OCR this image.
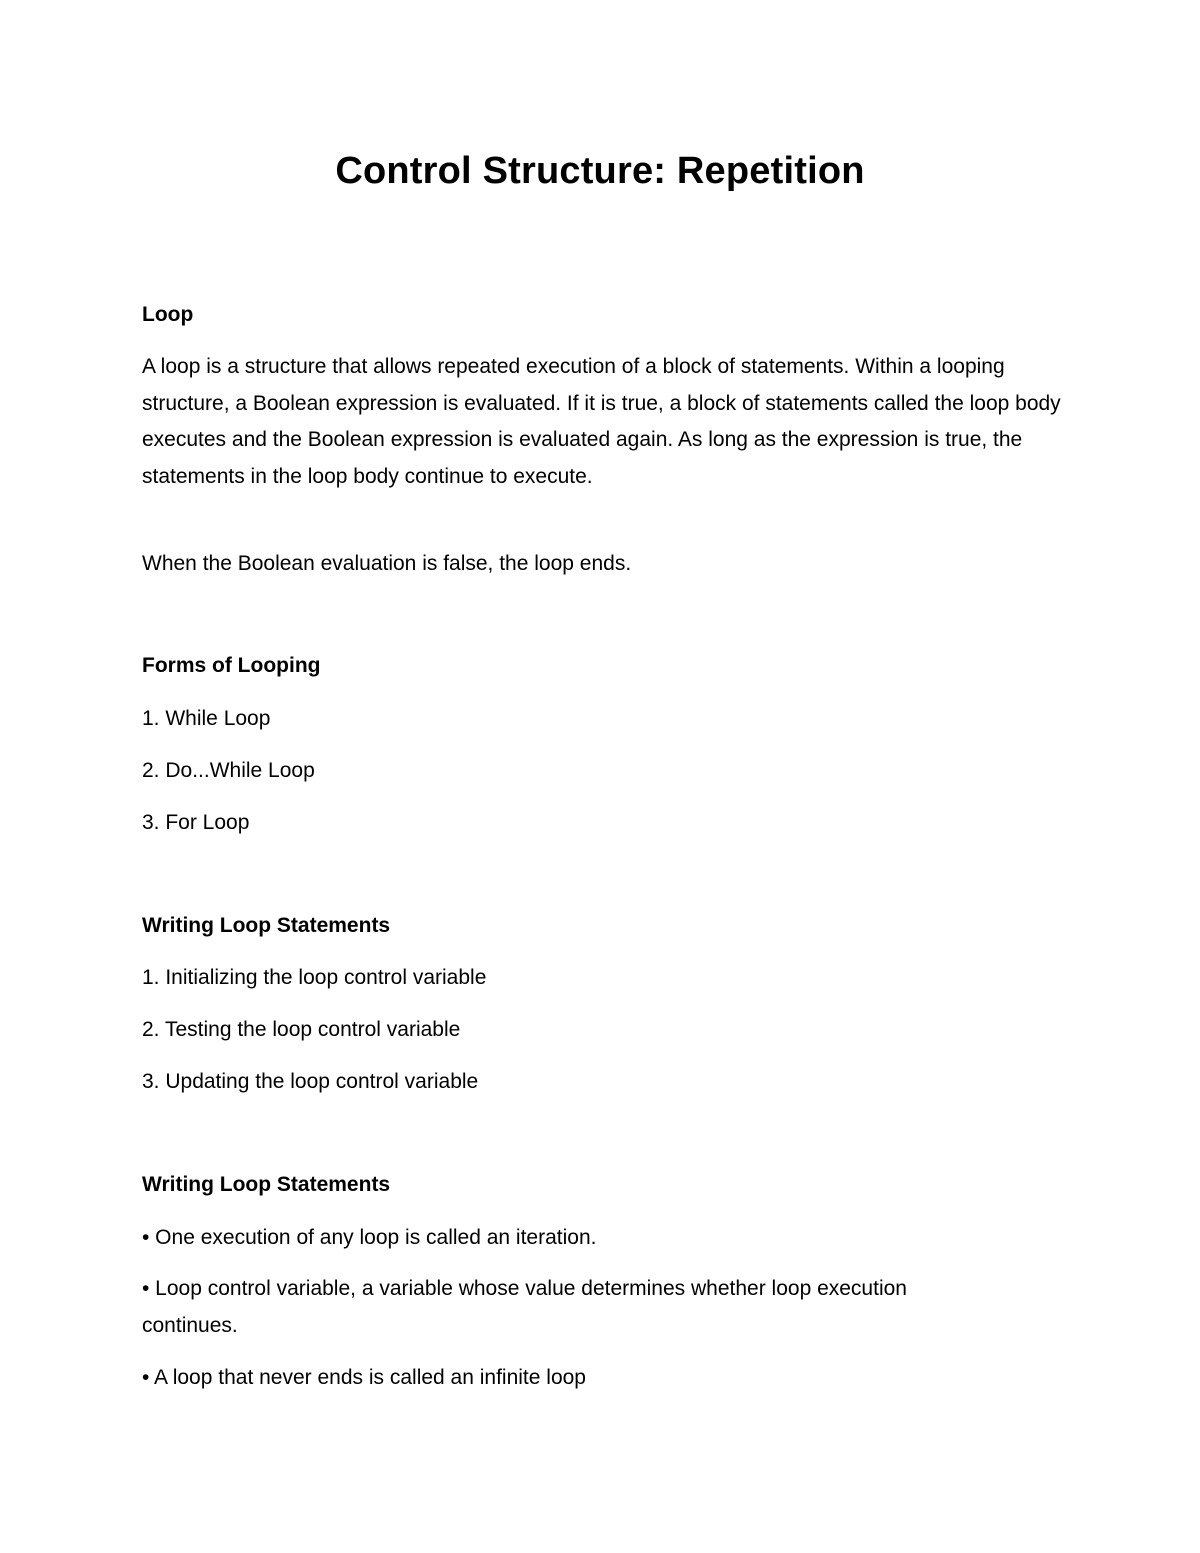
Control Structure: Repetition

Loop

A loop is a structure that allows repeated execution of a block of statements. Within a looping structure, a Boolean expression is evaluated. If it is true, a block of statements called the loop body executes and the Boolean expression is evaluated again. As long as the expression is true, the statements in the loop body continue to execute.

When the Boolean evaluation is false, the loop ends.

Forms of Looping

1. While Loop

2. Do...While Loop

3. For Loop

Writing Loop Statements

1. Initializing the loop control variable

2. Testing the loop control variable

3. Updating the loop control variable

Writing Loop Statements

• One execution of any loop is called an iteration.

• Loop control variable, a variable whose value determines whether loop execution continues.

• A loop that never ends is called an infinite loop
